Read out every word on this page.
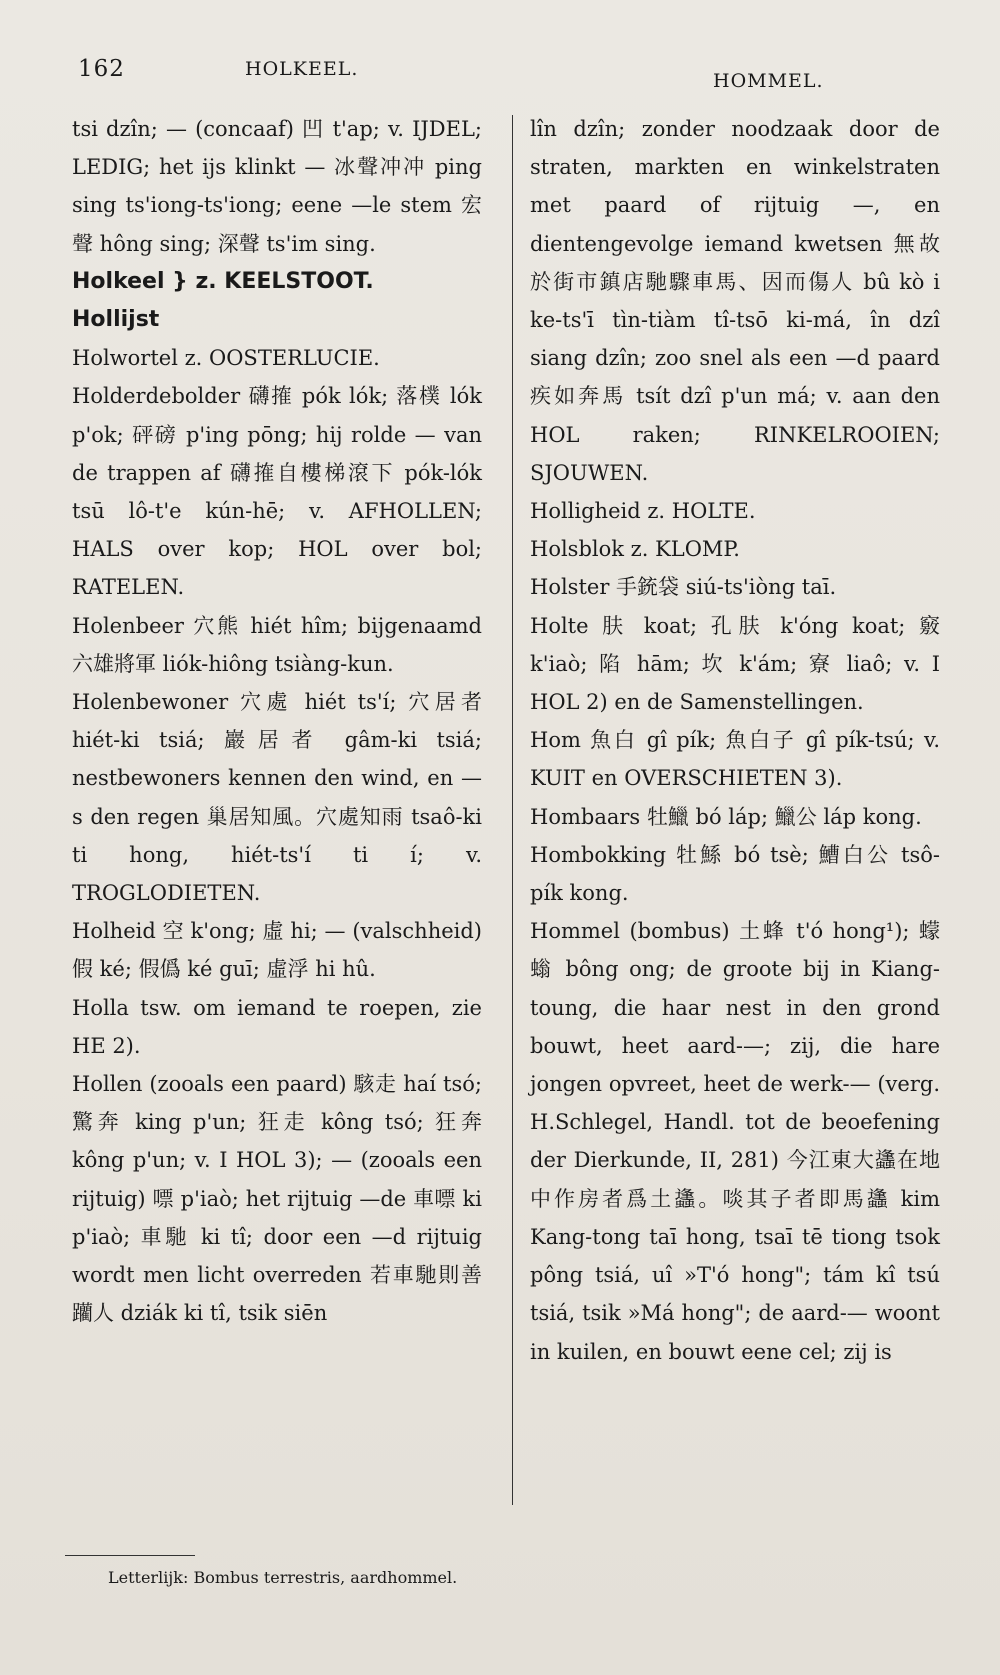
162	HOLKEEL.
HOMMEL.

tsi dzîn; — (concaaf) 凹 t'ap; v. IJDEL; LEDIG; het ijs klinkt — 冰聲冲冲 ping sing ts'iong-ts'iong; eene —le stem 宏聲 hông sing; 深聲 ts'im sing.

Holkeel } z. KEELSTOOT.

Hollijst

Holwortel z. OOSTERLUCIE.

Holderdebolder 礴搉 pók lók; 落樸 lók p'ok; 砰磅 p'ing pōng; hij rolde — van de trappen af 礴搉自樓梯滾下 pók-lók tsū lô-t'e kún-hē; v. AFHOLLEN; HALS over kop; HOL over bol; RATELEN.

Holenbeer 穴熊 hiét hîm; bijgenaamd 六雄將軍 liók-hiông tsiàng-kun.

Holenbewoner 穴處 hiét ts'í; 穴居者 hiét-ki tsiá; 巖居者 gâm-ki tsiá; nestbewoners kennen den wind, en —s den regen 巢居知風。穴處知雨 tsaô-ki ti hong, hiét-ts'í ti í; v. TROGLODIETEN.

Holheid 空 k'ong; 虛 hi; — (valschheid) 假 ké; 假僞 ké guī; 虛浮 hi hû.

Holla tsw. om iemand te roepen, zie HE 2).

Hollen (zooals een paard) 駭走 haí tsó; 驚奔 king p'un; 狂走 kông tsó; 狂奔 kông p'un; v. I HOL 3); — (zooals een rijtuig) 嘌 p'iaò; het rijtuig —de 車嘌 ki p'iaò; 車馳 ki tî; door een —d rijtuig wordt men licht overreden 若車馳則善躪人 dziák ki tî, tsik siēn

lîn dzîn; zonder noodzaak door de straten, markten en winkelstraten met paard of rijtuig —, en dientengevolge iemand kwetsen 無故於街市鎮店馳驟車馬、因而傷人 bû kò i ke-ts'ī tìn-tiàm tî-tsō ki-má, în dzî siang dzîn; zoo snel als een —d paard 疾如奔馬 tsít dzî p'un má; v. aan den HOL raken; RINKELROOIEN; SJOUWEN.

Holligheid z. HOLTE.

Holsblok z. KLOMP.

Holster 手銃袋 siú-ts'iòng taī.

Holte 肤 koat; 孔肤 k'óng koat; 竅 k'iaò; 陷 hām; 坎 k'ám; 寮 liaô; v. I HOL 2) en de Samenstellingen.

Hom 魚白 gî pík; 魚白子 gî pík-tsú; v. KUIT en OVERSCHIETEN 3).

Hombaars 牡鱲 bó láp; 鱲公 láp kong.

Hombokking 牡鯀 bó tsè; 鰽白公 tsô-pík kong.

Hommel (bombus) 土蜂 t'ó hong¹); 蠓螉 bông ong; de groote bij in Kiang-toung, die haar nest in den grond bouwt, heet aard-—; zij, die hare jongen opvreet, heet de werk-— (verg. H.Schlegel, Handl. tot de beoefening der Dierkunde, II, 281) 今江東大蠭在地中作房者爲土蠭。啖其子者即馬蠭 kim Kang-tong taī hong, tsaī tē tiong tsok pông tsiá, uî »T'ó hong"; tám kî tsú tsiá, tsik »Má hong"; de aard-— woont in kuilen, en bouwt eene cel; zij is

Letterlijk: Bombus terrestris, aardhommel.
